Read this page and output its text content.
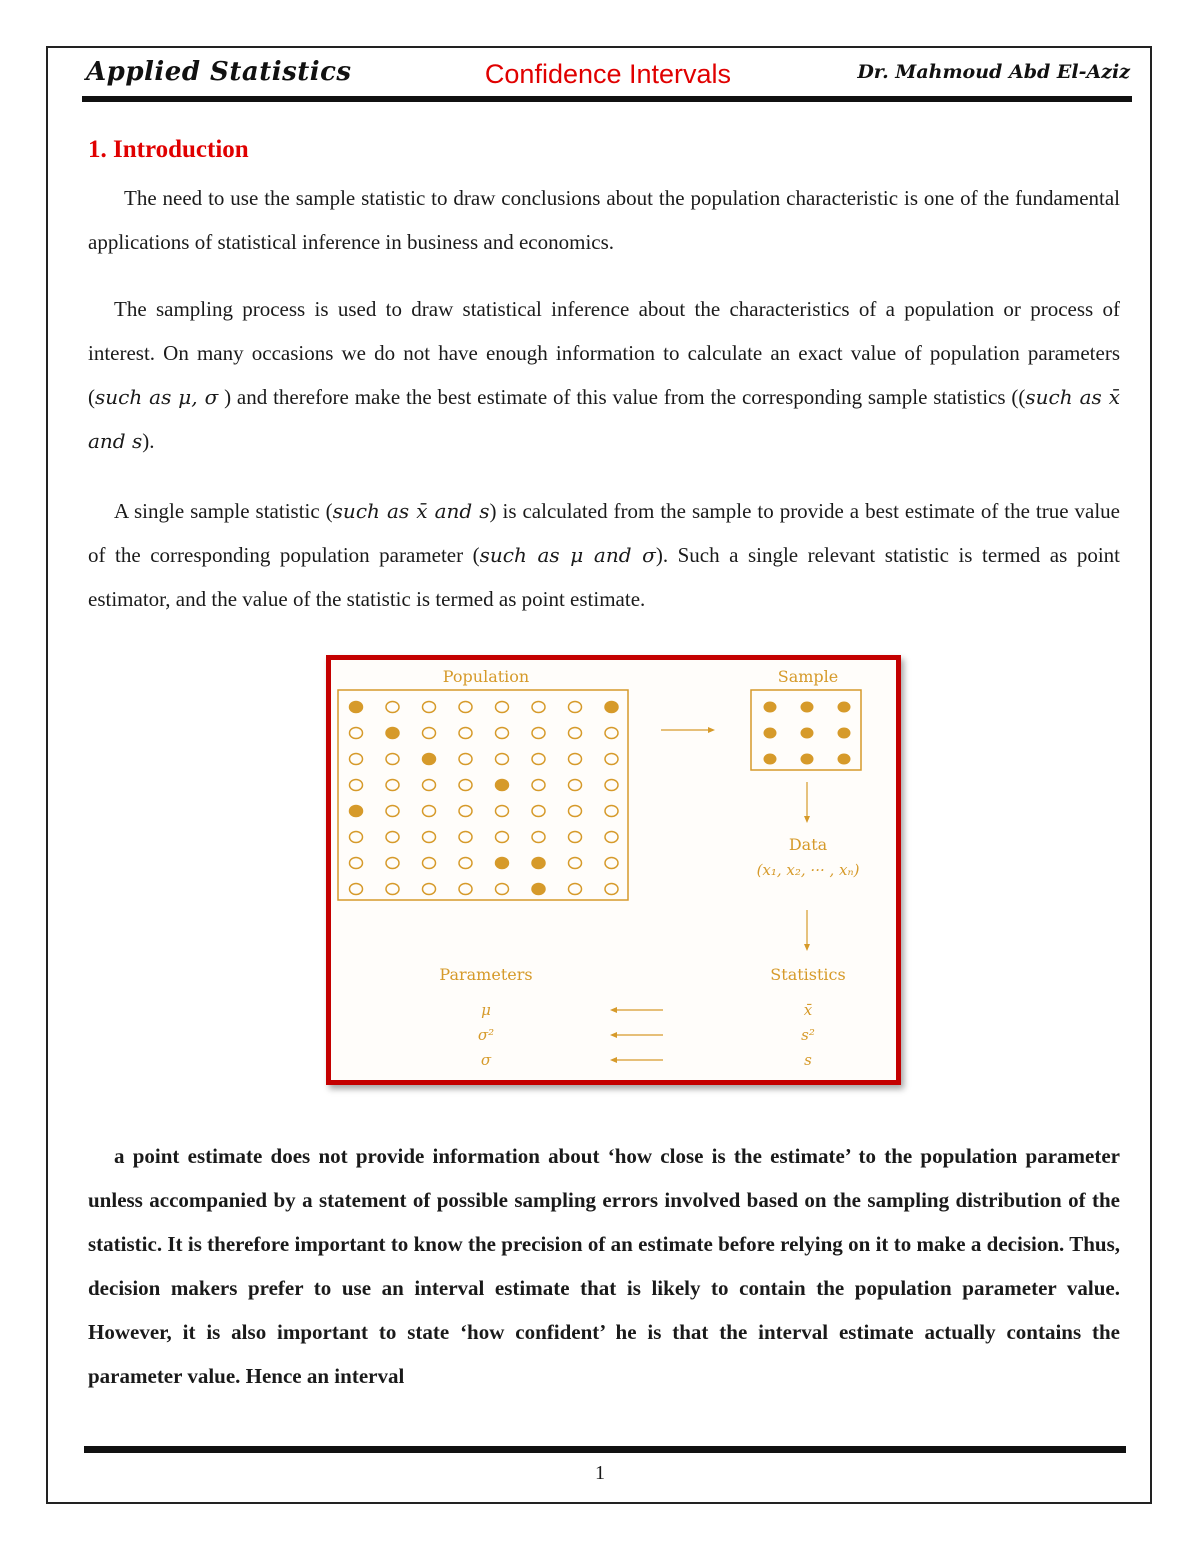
Applied Statistics	Confidence Intervals	Dr. Mahmoud Abd El-Aziz
1. Introduction

The need to use the sample statistic to draw conclusions about the population characteristic is one of the fundamental applications of statistical inference in business and economics.

The sampling process is used to draw statistical inference about the characteristics of a population or process of interest. On many occasions we do not have enough information to calculate an exact value of population parameters (such as μ, σ ) and therefore make the best estimate of this value from the corresponding sample statistics ((such as x̄ and s).

A single sample statistic (such as x̄ and s) is calculated from the sample to provide a best estimate of the true value of the corresponding population parameter (such as μ and σ). Such a single relevant statistic is termed as point estimator, and the value of the statistic is termed as point estimate.

Population	Sample
Data
(x₁, x₂, ··· , xₙ)
Parameters	Statistics
μ	x̄
σ²	s²
σ	s

a point estimate does not provide information about ‘how close is the estimate’ to the population parameter unless accompanied by a statement of possible sampling errors involved based on the sampling distribution of the statistic. It is therefore important to know the precision of an estimate before relying on it to make a decision. Thus, decision makers prefer to use an interval estimate that is likely to contain the population parameter value. However, it is also important to state ‘how confident’ he is that the interval estimate actually contains the parameter value. Hence an interval

1
